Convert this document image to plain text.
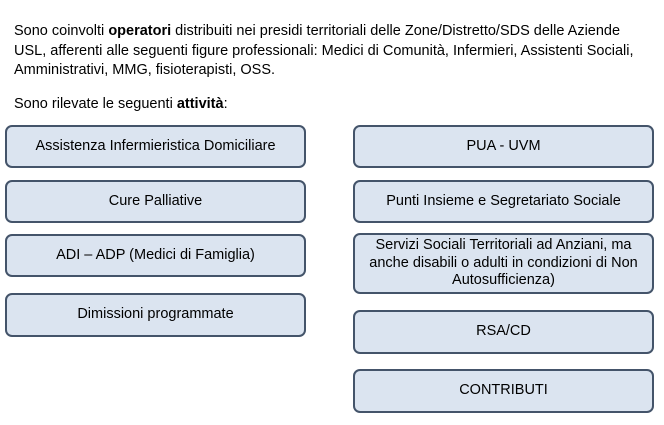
Sono coinvolti operatori distribuiti nei presidi territoriali delle Zone/Distretto/SDS delle Aziende USL, afferenti alle seguenti figure professionali: Medici di Comunità, Infermieri, Assistenti Sociali, Amministrativi, MMG, fisioterapisti, OSS.

Sono rilevate le seguenti attività:

Assistenza Infermieristica Domiciliare
Cure Palliative
ADI – ADP (Medici di Famiglia)
Dimissioni programmate
PUA - UVM
Punti Insieme e Segretariato Sociale
Servizi Sociali Territoriali ad Anziani, ma anche disabili o adulti in condizioni di Non Autosufficienza)
RSA/CD
CONTRIBUTI
